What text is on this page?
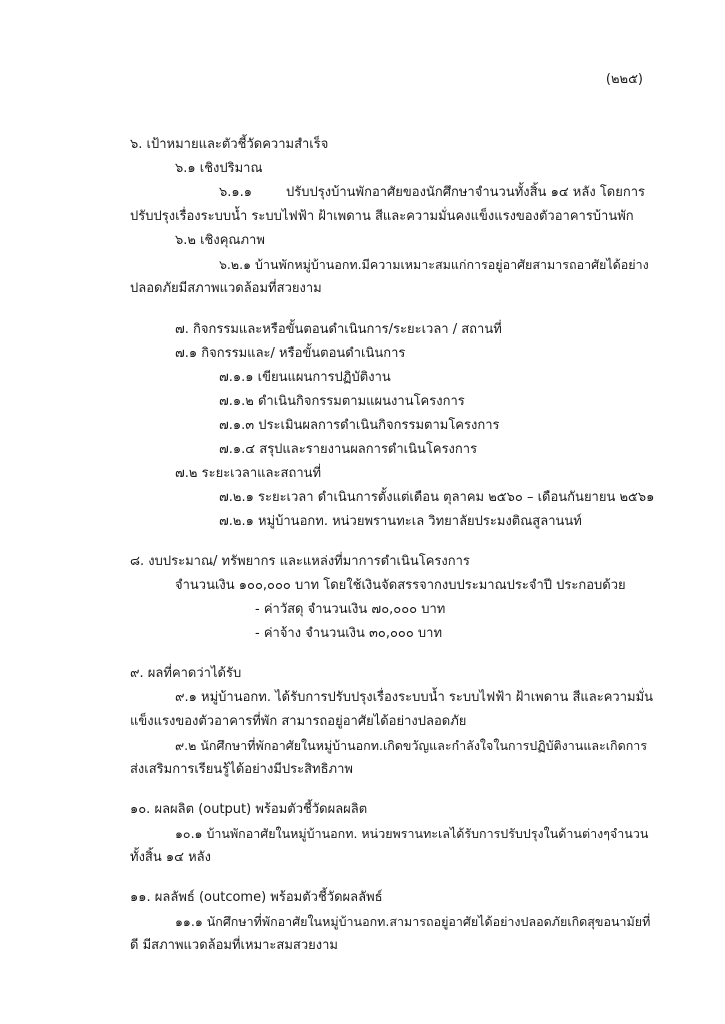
(๒๒๕)
๖. เป้าหมายและตัวชี้วัดความสำเร็จ
๖.๑ เชิงปริมาณ
๖.๑.๑	ปรับปรุงบ้านพักอาศัยของนักศึกษาจำนวนทั้งสิ้น ๑๔ หลัง โดยการ
ปรับปรุงเรื่องระบบน้ำ ระบบไฟฟ้า ฝ้าเพดาน สีและความมั่นคงแข็งแรงของตัวอาคารบ้านพัก
๖.๒ เชิงคุณภาพ
๖.๒.๑ บ้านพักหมู่บ้านอกท.มีความเหมาะสมแก่การอยู่อาศัยสามารถอาศัยได้อย่าง
ปลอดภัยมีสภาพแวดล้อมที่สวยงาม
๗. กิจกรรมและหรือขั้นตอนดำเนินการ/ระยะเวลา / สถานที่
๗.๑ กิจกรรมและ/ หรือขั้นตอนดำเนินการ
๗.๑.๑ เขียนแผนการปฏิบัติงาน
๗.๑.๒ ดำเนินกิจกรรมตามแผนงานโครงการ
๗.๑.๓ ประเมินผลการดำเนินกิจกรรมตามโครงการ
๗.๑.๔ สรุปและรายงานผลการดำเนินโครงการ
๗.๒ ระยะเวลาและสถานที่
๗.๒.๑ ระยะเวลา ดำเนินการตั้งแต่เดือน ตุลาคม ๒๕๖๐ – เดือนกันยายน ๒๕๖๑
๗.๒.๑ หมู่บ้านอกท. หน่วยพรานทะเล วิทยาลัยประมงติณสูลานนท์
๘. งบประมาณ/ ทรัพยากร และแหล่งที่มาการดำเนินโครงการ
จำนวนเงิน ๑๐๐,๐๐๐ บาท โดยใช้เงินจัดสรรจากงบประมาณประจำปี ประกอบด้วย
- ค่าวัสดุ จำนวนเงิน ๗๐,๐๐๐ บาท
- ค่าจ้าง จำนวนเงิน ๓๐,๐๐๐ บาท
๙. ผลที่คาดว่าได้รับ
๙.๑ หมู่บ้านอกท. ได้รับการปรับปรุงเรื่องระบบน้ำ ระบบไฟฟ้า ฝ้าเพดาน สีและความมั่น
แข็งแรงของตัวอาคารที่พัก สามารถอยู่อาศัยได้อย่างปลอดภัย
๙.๒ นักศึกษาที่พักอาศัยในหมู่บ้านอกท.เกิดขวัญและกำลังใจในการปฏิบัติงานและเกิดการ
ส่งเสริมการเรียนรู้ได้อย่างมีประสิทธิภาพ
๑๐. ผลผลิต (output) พร้อมตัวชี้วัดผลผลิต
๑๐.๑ บ้านพักอาศัยในหมู่บ้านอกท. หน่วยพรานทะเลได้รับการปรับปรุงในด้านต่างๆจำนวน
ทั้งสิ้น ๑๔ หลัง
๑๑. ผลลัพธ์ (outcome) พร้อมตัวชี้วัดผลลัพธ์
๑๑.๑ นักศึกษาที่พักอาศัยในหมู่บ้านอกท.สามารถอยู่อาศัยได้อย่างปลอดภัยเกิดสุขอนามัยที่
ดี มีสภาพแวดล้อมที่เหมาะสมสวยงาม
